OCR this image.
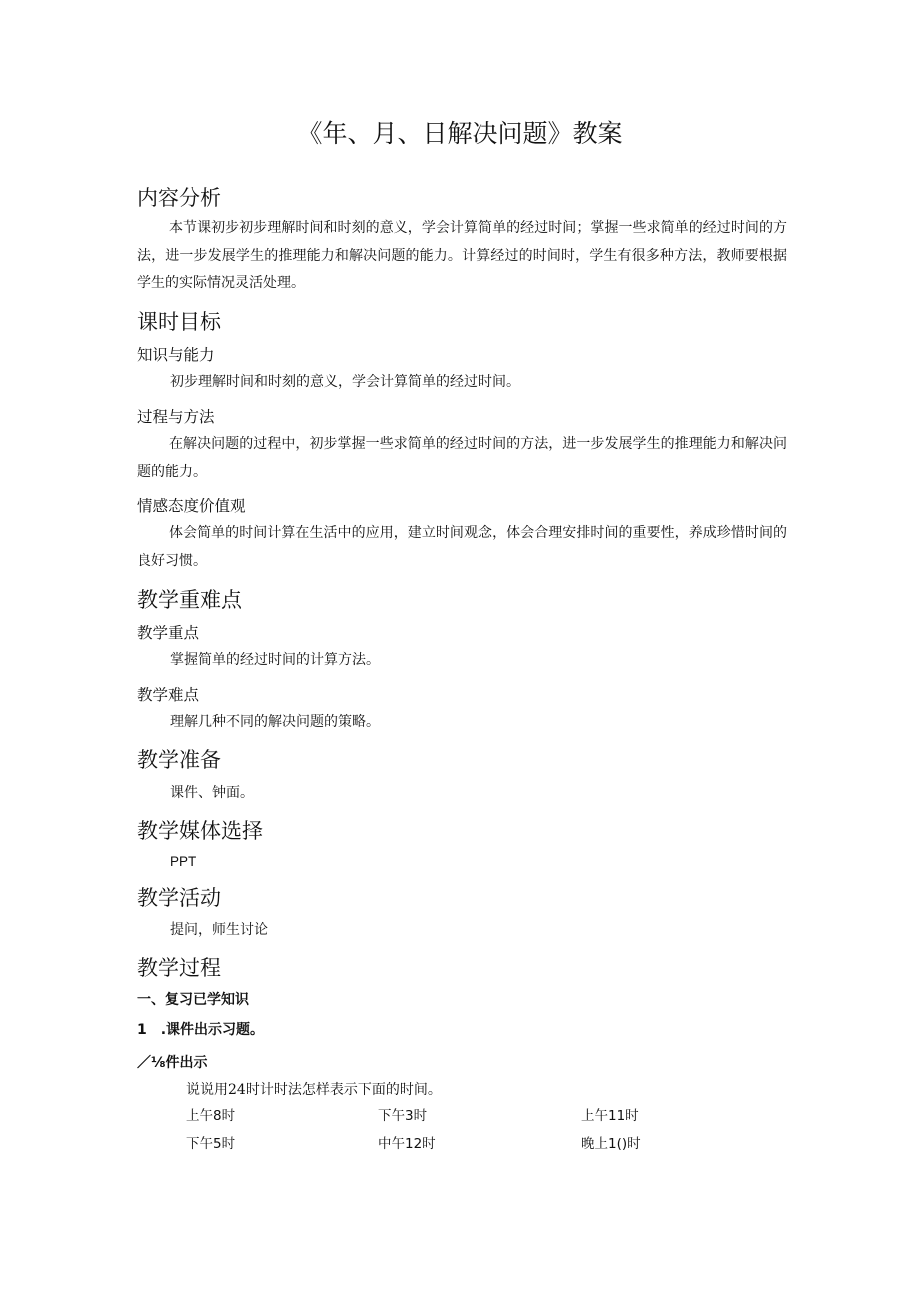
《年、月、日解决问题》教案
内容分析

本节课初步初步理解时间和时刻的意义，学会计算简单的经过时间；掌握一些求简单的经过时间的方法，进一步发展学生的推理能力和解决问题的能力。计算经过的时间时，学生有很多种方法，教师要根据学生的实际情况灵活处理。

课时目标
知识与能力

初步理解时间和时刻的意义，学会计算简单的经过时间。

过程与方法

在解决问题的过程中，初步掌握一些求简单的经过时间的方法，进一步发展学生的推理能力和解决问题的能力。

情感态度价值观

体会简单的时间计算在生活中的应用，建立时间观念，体会合理安排时间的重要性，养成珍惜时间的良好习惯。

教学重难点
教学重点

掌握简单的经过时间的计算方法。

教学难点

理解几种不同的解决问题的策略。

教学准备

课件、钟面。

教学媒体选择

PPT

教学活动

提问，师生讨论

教学过程

一、复习已学知识

1　.课件出示习题。

／⅛件出示

说说用24时计时法怎样表示下面的时间。

上午8时	下午3时	上午11时
下午5时	中午12时	晚上1()时
